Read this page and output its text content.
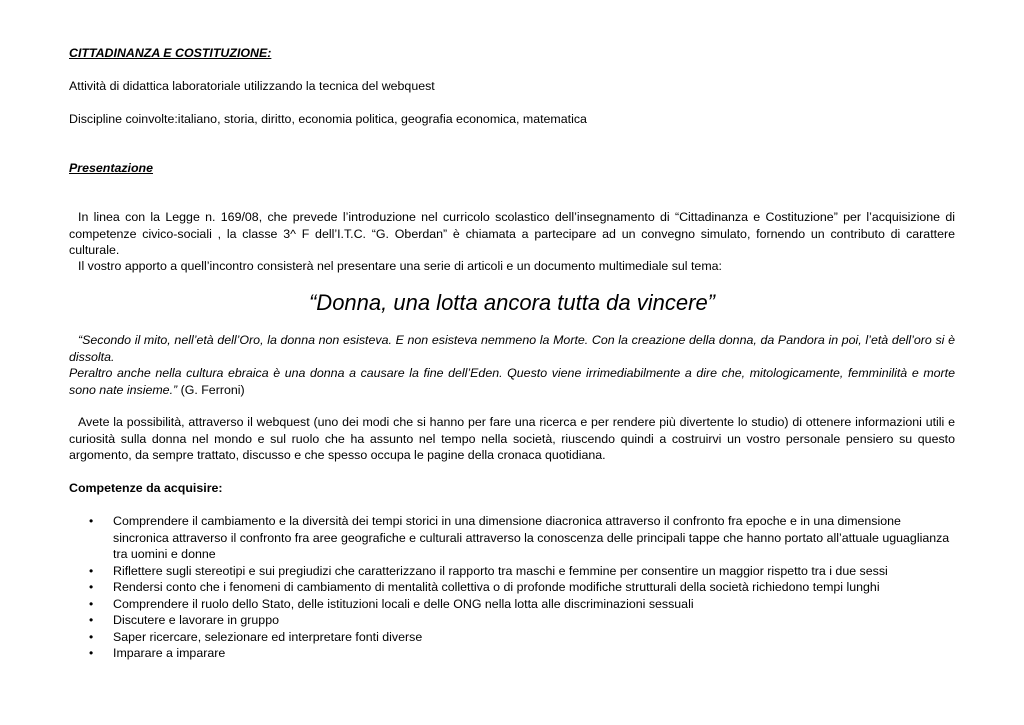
CITTADINANZA E COSTITUZIONE:

Attività di didattica laboratoriale utilizzando la tecnica del webquest

Discipline coinvolte:italiano, storia, diritto, economia politica, geografia economica, matematica

Presentazione

In linea con la Legge n. 169/08, che prevede l’introduzione nel curricolo scolastico dell’insegnamento di “Cittadinanza e Costituzione” per l’acquisizione di competenze civico-sociali , la classe 3^ F dell’I.T.C. “G. Oberdan” è chiamata a partecipare ad un convegno simulato, fornendo un contributo di carattere culturale.

Il vostro apporto a quell’incontro consisterà nel presentare una serie di articoli e un documento multimediale sul tema:

“Donna, una lotta ancora tutta da vincere”

“Secondo il mito, nell’età dell’Oro, la donna non esisteva. E non esisteva nemmeno la Morte. Con la creazione della donna, da Pandora in poi, l’età dell’oro si è dissolta.
Peraltro anche nella cultura ebraica è una donna a causare la fine dell’Eden. Questo viene irrimediabilmente a dire che, mitologicamente, femminilità e morte sono nate insieme.” (G. Ferroni)

Avete la possibilità, attraverso il webquest (uno dei modi che si hanno per fare una ricerca e per rendere più divertente lo studio) di ottenere informazioni utili e curiosità sulla donna nel mondo e sul ruolo che ha assunto nel tempo nella società, riuscendo quindi a costruirvi un vostro personale pensiero su questo argomento, da sempre trattato, discusso e che spesso occupa le pagine della cronaca quotidiana.

Competenze da acquisire:

• Comprendere il cambiamento e la diversità dei tempi storici in una dimensione diacronica attraverso il confronto fra epoche e in una dimensione sincronica attraverso il confronto fra aree geografiche e culturali attraverso la conoscenza delle principali tappe che hanno portato all’attuale uguaglianza tra uomini e donne
• Riflettere sugli stereotipi e sui pregiudizi che caratterizzano il rapporto tra maschi e femmine per consentire un maggior rispetto tra i due sessi
• Rendersi conto che i fenomeni di cambiamento di mentalità collettiva o di profonde modifiche strutturali della società richiedono tempi lunghi
• Comprendere il ruolo dello Stato, delle istituzioni locali e delle ONG nella lotta alle discriminazioni sessuali
• Discutere e lavorare in gruppo
• Saper ricercare, selezionare ed interpretare fonti diverse
• Imparare a imparare
